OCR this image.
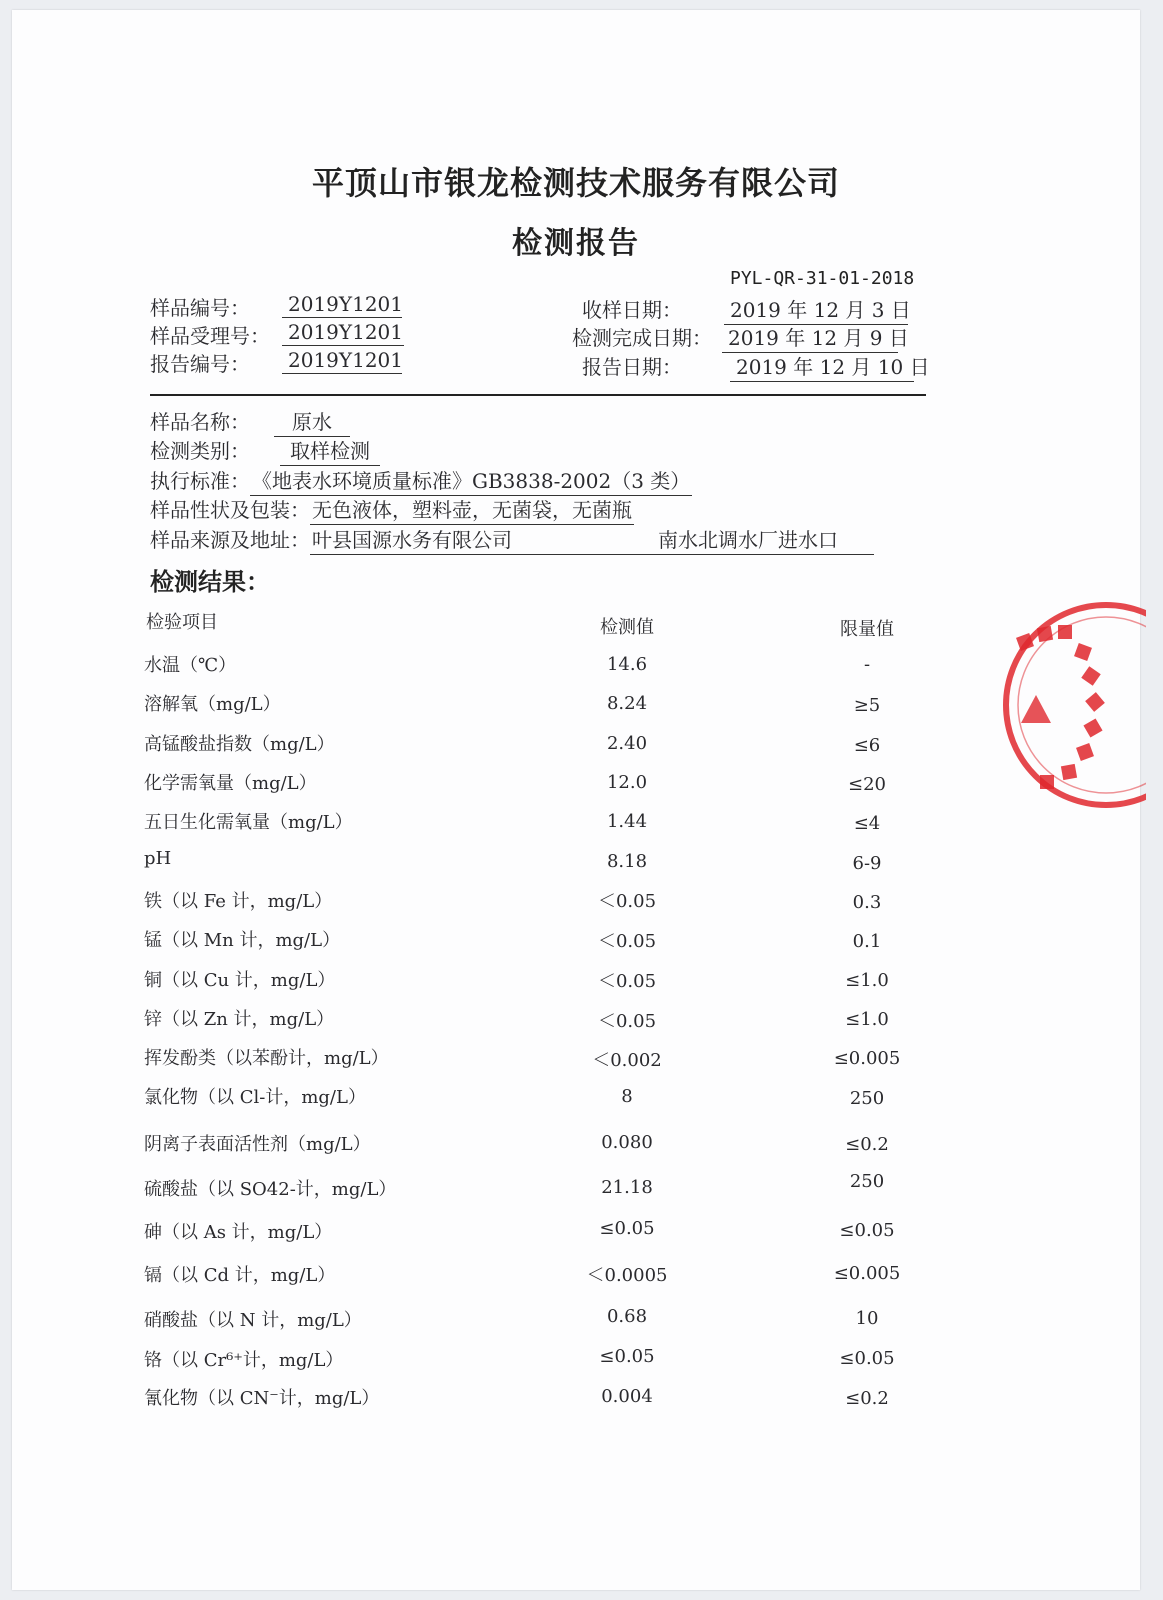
平顶山市银龙检测技术服务有限公司
检测报告
PYL-QR-31-01-2018
样品编号：	2019Y1201
样品受理号： 2019Y1201
报告编号：	2019Y1201
收样日期：	2019 年 12 月 3 日
检测完成日期： 2019 年 12 月 9 日
报告日期：	2019 年 12 月 10 日
样品名称： 原水
检测类别： 取样检测
执行标准： 《地表水环境质量标准》GB3838-2002（3 类）
样品性状及包装： 无色液体，塑料壶，无菌袋，无菌瓶
样品来源及地址： 叶县国源水务有限公司	南水北调水厂进水口
检测结果：
检验项目	检测值	限量值
水温（℃）	14.6	-
溶解氧（mg/L）	8.24	≥5
高锰酸盐指数（mg/L）	2.40	≤6
化学需氧量（mg/L）	12.0	≤20
五日生化需氧量（mg/L）	1.44	≤4
pH	8.18	6-9
铁（以 Fe 计，mg/L）	＜0.05	0.3
锰（以 Mn 计，mg/L）	＜0.05	0.1
铜（以 Cu 计，mg/L）	＜0.05	≤1.0
锌（以 Zn 计，mg/L）	＜0.05	≤1.0
挥发酚类（以苯酚计，mg/L）	＜0.002	≤0.005
氯化物（以 Cl-计，mg/L）	8	250
阴离子表面活性剂（mg/L）	0.080	≤0.2
硫酸盐（以 SO42-计，mg/L）	21.18	250
砷（以 As 计，mg/L）	≤0.05	≤0.05
镉（以 Cd 计，mg/L）	＜0.0005	≤0.005
硝酸盐（以 N 计，mg/L）	0.68	10
铬（以 Cr⁶⁺计，mg/L）	≤0.05	≤0.05
氰化物（以 CN⁻计，mg/L）	0.004	≤0.2
